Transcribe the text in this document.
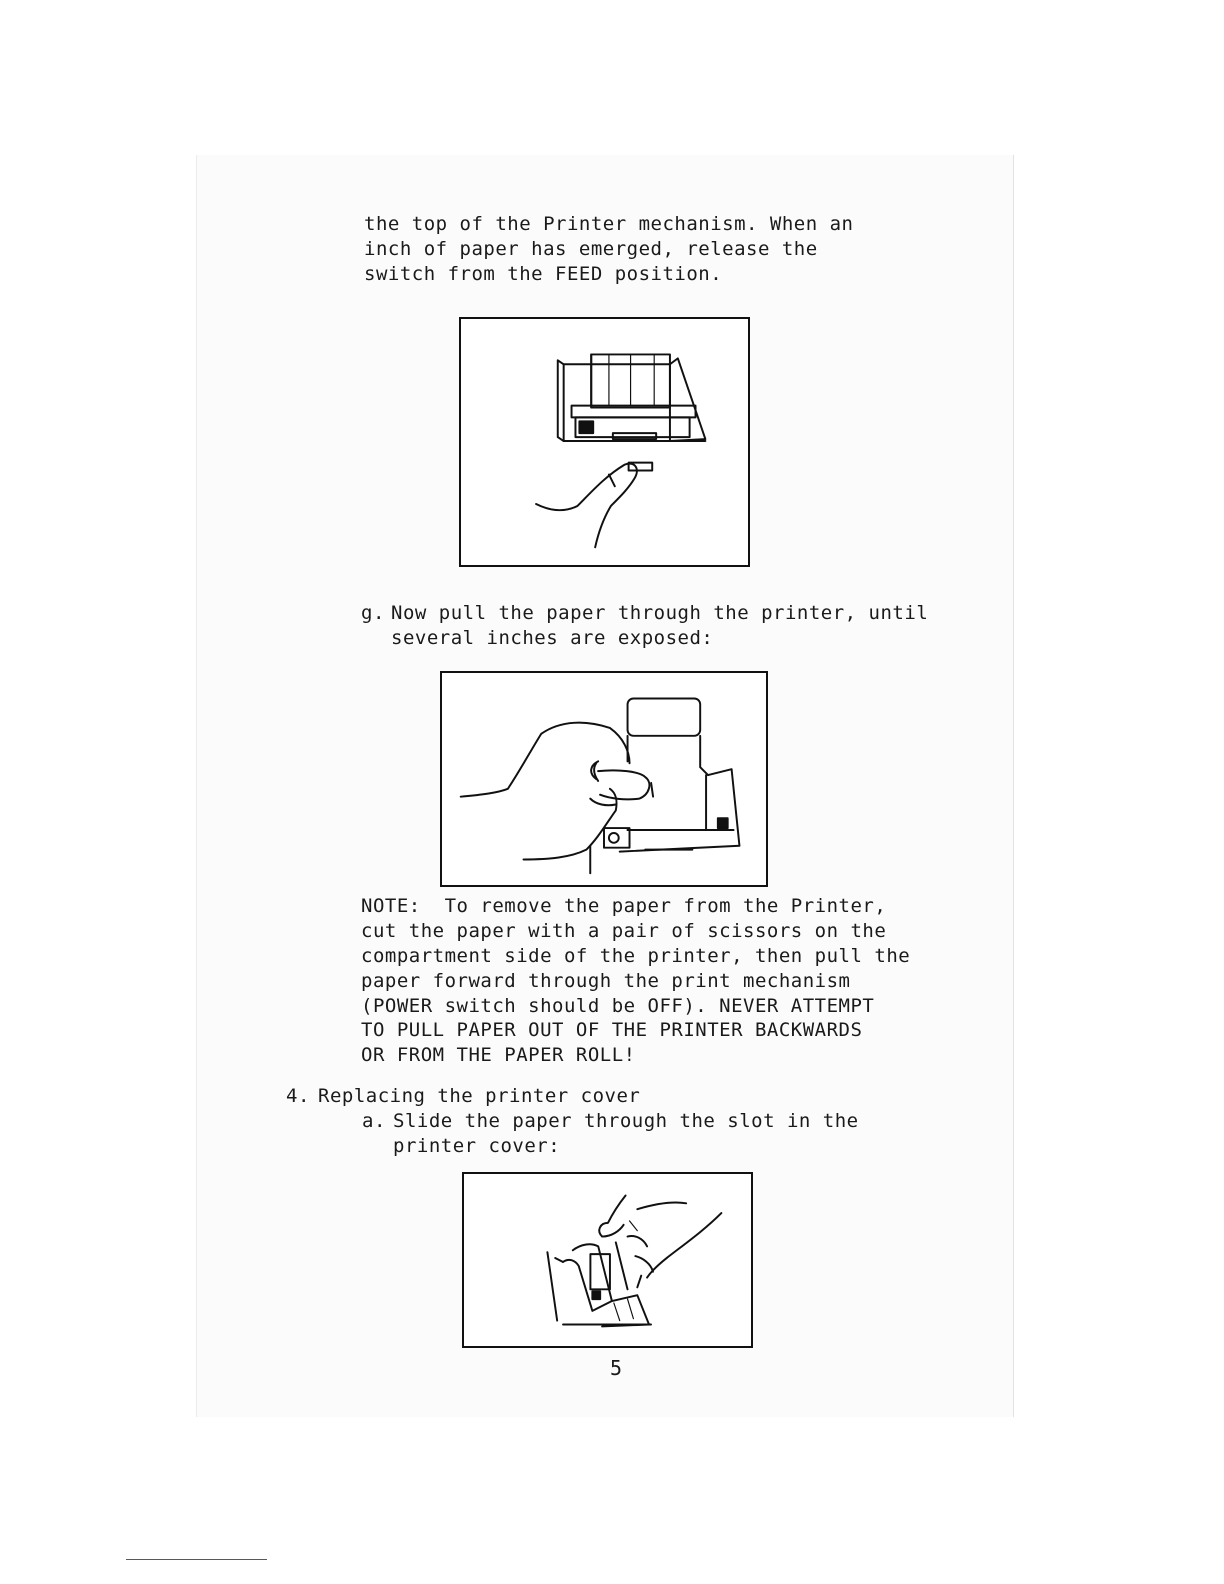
the top of the Printer mechanism. When an

inch of paper has emerged, release the

switch from the FEED position.

g. Now pull the paper through the printer, until

several inches are exposed:

NOTE:  To remove the paper from the Printer,

cut the paper with a pair of scissors on the

compartment side of the printer, then pull the

paper forward through the print mechanism

(POWER switch should be OFF). NEVER ATTEMPT

TO PULL PAPER OUT OF THE PRINTER BACKWARDS

OR FROM THE PAPER ROLL!

4. Replacing the printer cover

a. Slide the paper through the slot in the

printer cover:

5
